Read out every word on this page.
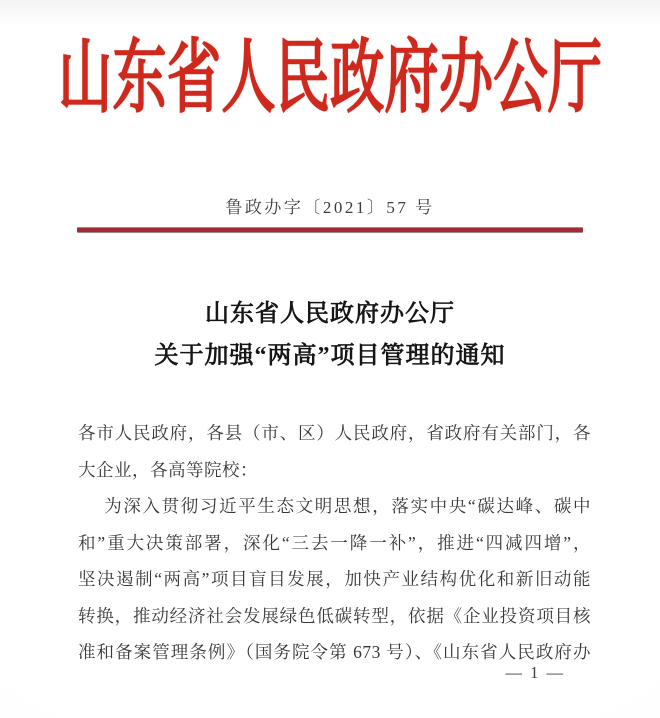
山东省人民政府办公厅
鲁政办字〔2021〕57 号
山东省人民政府办公厅
关于加强“两高”项目管理的通知
各市人民政府，各县（市、区）人民政府，省政府有关部门，各
大企业，各高等院校：
为深入贯彻习近平生态文明思想，落实中央“碳达峰、碳中
和”重大决策部署，深化“三去一降一补”，推进“四减四增”，
坚决遏制“两高”项目盲目发展，加快产业结构优化和新旧动能
转换，推动经济社会发展绿色低碳转型，依据《企业投资项目核
准和备案管理条例》（国务院令第 673 号）、《山东省人民政府办
— 1 —
